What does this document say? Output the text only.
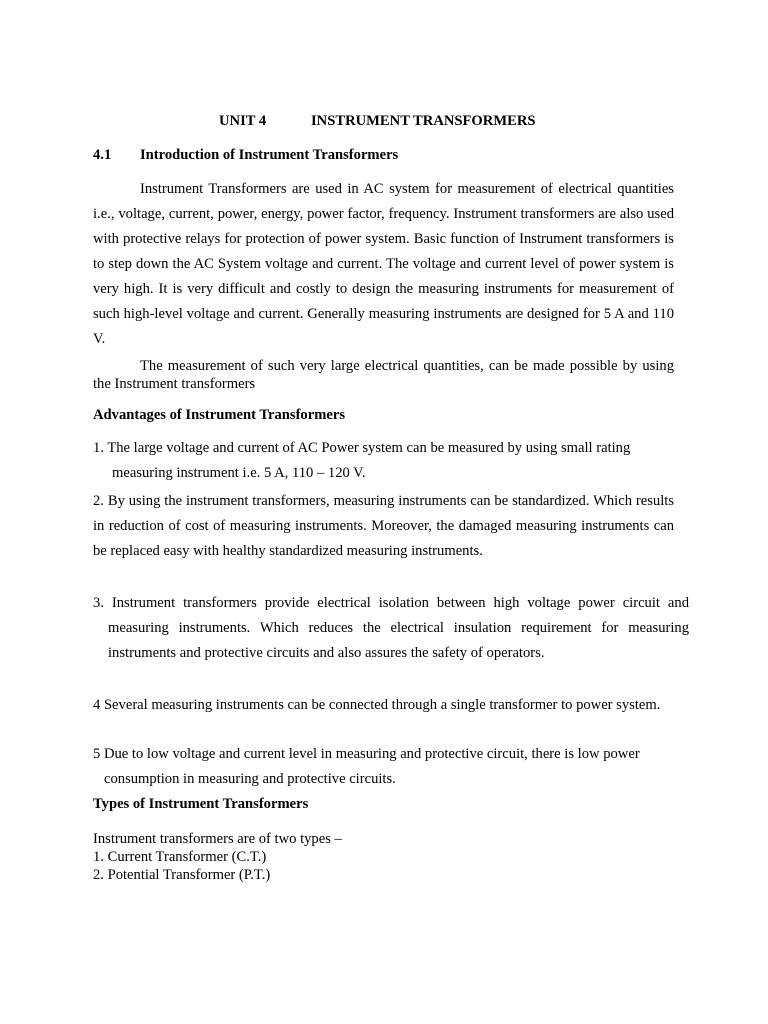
UNIT 4	INSTRUMENT TRANSFORMERS
4.1 Introduction of Instrument Transformers

Instrument Transformers are used in AC system for measurement of electrical quantities i.e., voltage, current, power, energy, power factor, frequency. Instrument transformers are also used with protective relays for protection of power system. Basic function of Instrument transformers is to step down the AC System voltage and current. The voltage and current level of power system is very high. It is very difficult and costly to design the measuring instruments for measurement of such high-level voltage and current. Generally measuring instruments are designed for 5 A and 110 V.

The measurement of such very large electrical quantities, can be made possible by using the Instrument transformers

Advantages of Instrument Transformers

1. The large voltage and current of AC Power system can be measured by using small rating measuring instrument i.e. 5 A, 110 – 120 V.

2. By using the instrument transformers, measuring instruments can be standardized. Which results in reduction of cost of measuring instruments. Moreover, the damaged measuring instruments can be replaced easy with healthy standardized measuring instruments.

3. Instrument transformers provide electrical isolation between high voltage power circuit and measuring instruments. Which reduces the electrical insulation requirement for measuring instruments and protective circuits and also assures the safety of operators.

4 Several measuring instruments can be connected through a single transformer to power system.

5 Due to low voltage and current level in measuring and protective circuit, there is low power consumption in measuring and protective circuits.

Types of Instrument Transformers
Instrument transformers are of two types –
1. Current Transformer (C.T.)
2. Potential Transformer (P.T.)
